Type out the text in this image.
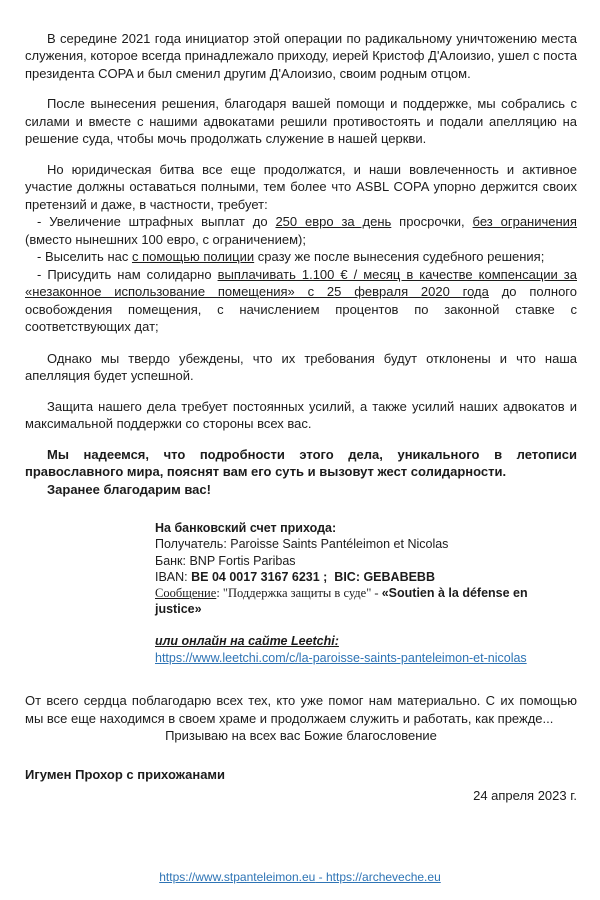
В середине 2021 года инициатор этой операции по радикальному уничтожению места служения, которое всегда принадлежало приходу, иерей Кристоф Д'Алоизио, ушел с поста президента COPA и был сменил другим Д'Алоизио, своим родным отцом.

После вынесения решения, благодаря вашей помощи и поддержке, мы собрались с силами и вместе с нашими адвокатами решили противостоять и подали апелляцию на решение суда, чтобы мочь продолжать служение в нашей церкви.

Но юридическая битва все еще продолжатся, и наши вовлеченность и активное участие должны оставаться полными, тем более что ASBL COPA упорно держится своих претензий и даже, в частности, требует:

- Увеличение штрафных выплат до 250 евро за день просрочки, без ограничения (вместо нынешних 100 евро, с ограничением);

- Выселить нас с помощью полиции сразу же после вынесения судебного решения;

- Присудить нам солидарно выплачивать 1.100 € / месяц в качестве компенсации за «незаконное использование помещения» с 25 февраля 2020 года до полного освобождения помещения, с начислением процентов по законной ставке с соответствующих дат;

Однако мы твердо убеждены, что их требования будут отклонены и что наша апелляция будет успешной.

Защита нашего дела требует постоянных усилий, а также усилий наших адвокатов и максимальной поддержки со стороны всех вас.

Мы надеемся, что подробности этого дела, уникального в летописи православного мира, пояснят вам его суть и вызовут жест солидарности.

Заранее благодарим вас!

На банковский счет прихода:

Получатель: Paroisse Saints Pantéleimon et Nicolas

Банк: BNP Fortis Paribas

IBAN: BE 04 0017 3167 6231 ;  BIC: GEBABEBB

Сообщение: "Поддержка защиты в суде" - «Soutien à la défense en justice»

или онлайн на сайте Leetchi:
https://www.leetchi.com/c/la-paroisse-saints-panteleimon-et-nicolas

От всего сердца поблагодарю всех тех, кто уже помог нам материально. С их помощью мы все еще находимся в своем храме и продолжаем служить и работать, как прежде...

Призываю на всех вас Божие благословение

Игумен Прохор с прихожанами

24 апреля 2023 г.

https://www.stpanteleimon.eu - https://archeveche.eu
